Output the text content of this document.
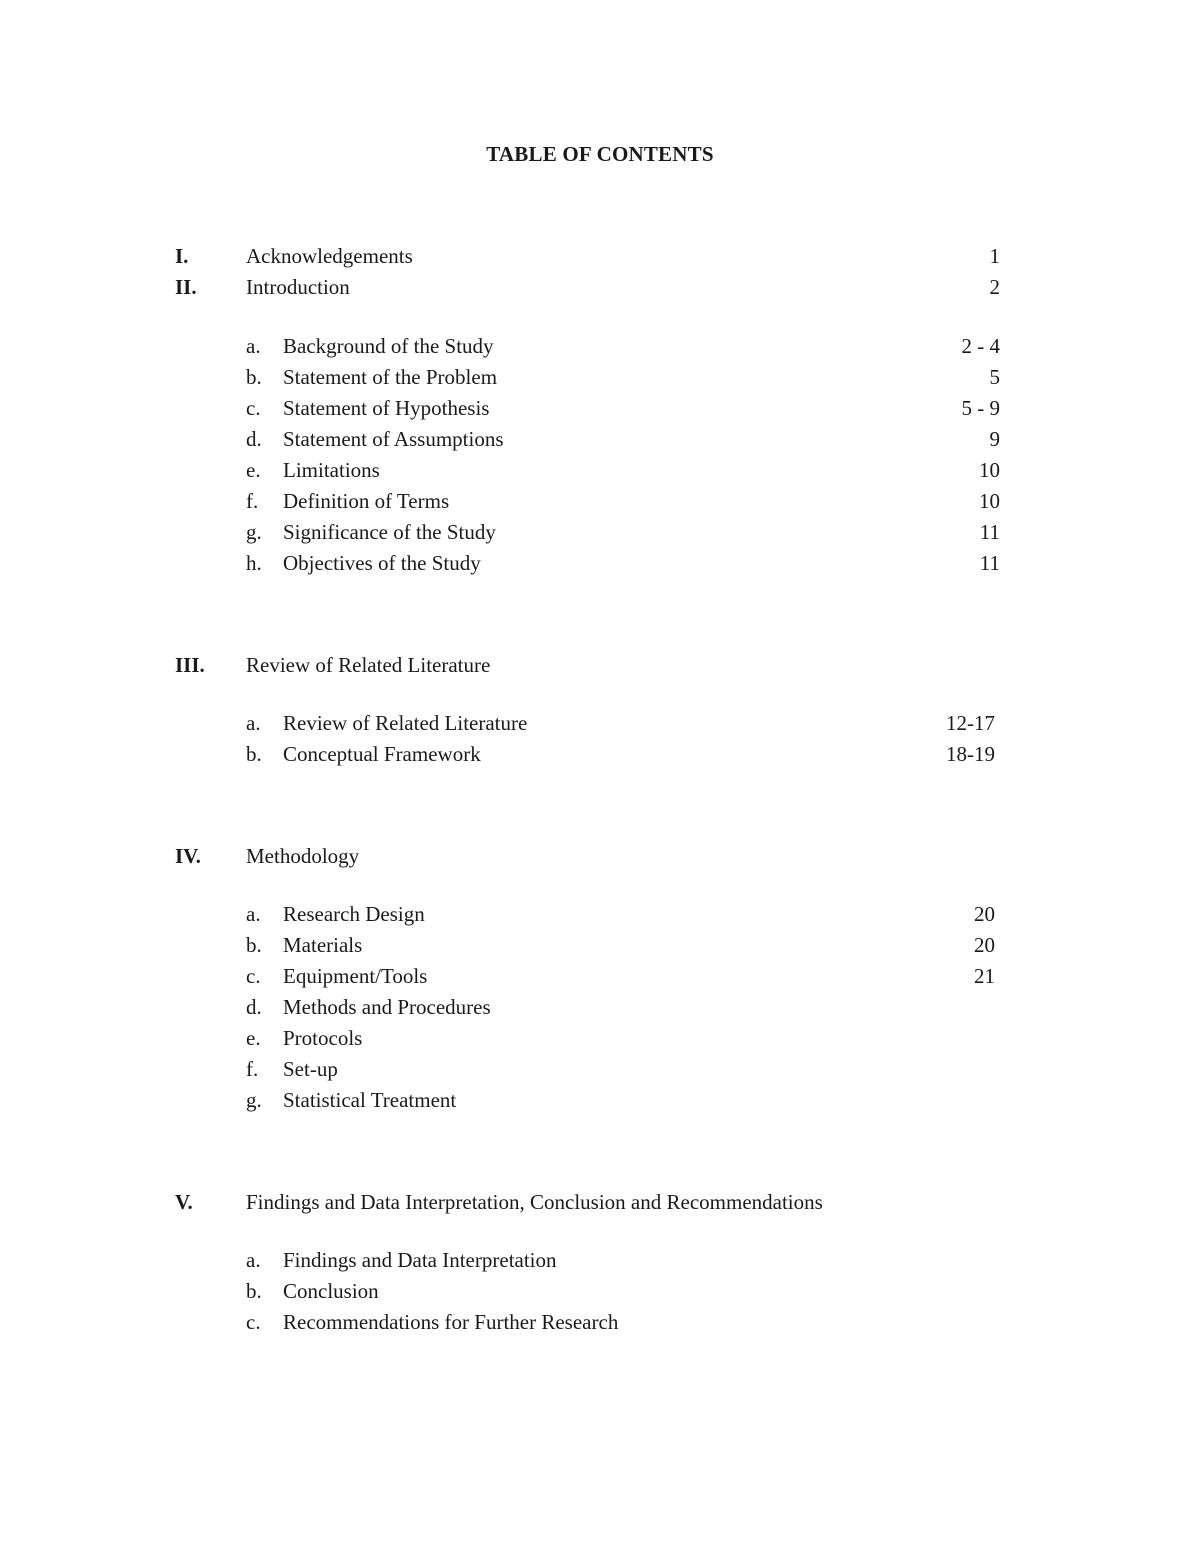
TABLE OF CONTENTS
I.	Acknowledgements	1
II. Introduction	2
a. Background of the Study	2 - 4
b. Statement of the Problem	5
c. Statement of Hypothesis	5 - 9
d. Statement of Assumptions	9
e. Limitations	10
f. Definition of Terms	10
g. Significance of the Study	11
h. Objectives of the Study	11
III. Review of Related Literature
a. Review of Related Literature	12-17
b. Conceptual Framework	18-19
IV. Methodology
a. Research Design	20
b. Materials	20
c. Equipment/Tools	21
d. Methods and Procedures
e. Protocols
f. Set-up
g. Statistical Treatment
V.	Findings and Data Interpretation, Conclusion and Recommendations
a. Findings and Data Interpretation
b. Conclusion
c. Recommendations for Further Research
